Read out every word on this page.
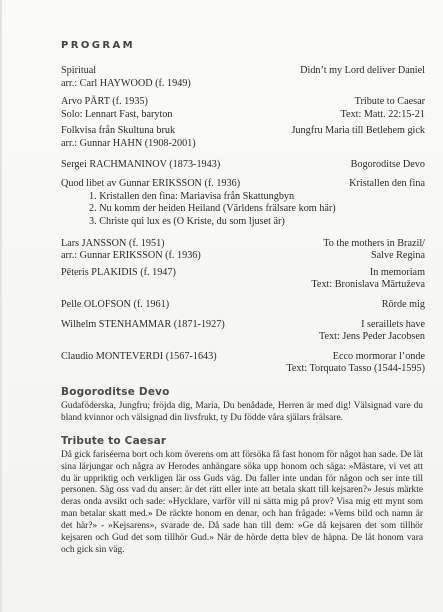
PROGRAM
Spiritual	Didn’t my Lord deliver Daniel
arr.: Carl HAYWOOD (f. 1949)
Arvo PÄRT (f. 1935)	Tribute to Caesar
Solo: Lennart Fast, baryton	Text: Matt. 22:15-21
Folkvisa från Skultuna bruk	Jungfru Maria till Betlehem gick
arr.: Gunnar HAHN (1908-2001)
Sergei RACHMANINOV (1873-1943)	Bogoroditse Devo
Quod libet av Gunnar ERIKSSON (f. 1936)	Kristallen den fina
1. Kristallen den fina: Mariavisa från Skattungbyn
2. Nu komm der heiden Heiland (Världens frälsare kom här)
3. Christe qui lux es (O Kriste, du som ljuset är)
Lars JANSSON (f. 1951)	To the mothers in Brazil/
arr.: Gunnar ERIKSSON (f. 1936)	Salve Regina
Pēteris PLAKIDIS (f. 1947)	In memoriam
Text: Bronislava Mārtuževa
Pelle OLOFSON (f. 1961)	Rörde mig
Wilhelm STENHAMMAR (1871-1927)	I seraillets have
Text: Jens Peder Jacobsen
Claudio MONTEVERDI (1567-1643)	Ecco mormorar l’onde
Text: Torquato Tasso (1544-1595)
Bogoroditse Devo

Gudaföderska, Jungfru; fröjda dig, Maria, Du benådade, Herren är med dig! Välsignad vare du bland kvinnor och välsignad din livsfrukt, ty Du födde våra själars frälsare.

Tribute to Caesar

Då gick fariséerna bort och kom överens om att försöka få fast honom för något han sade. De lät sina lärjungar och några av Herodes anhängare söka upp honom och säga: »Mästare, vi vet att du är uppriktig och verkligen lär oss Guds väg. Du faller inte undan för någon och ser inte till personen. Säg oss vad du anser: är det rätt eller inte att betala skatt till kejsaren?» Jesus märkte deras onda avsikt och sade: »Hycklare, varför vill ni sätta mig på prov? Visa mig ett mynt som man betalar skatt med.» De räckte honom en denar, och han frågade: »Vems bild och namn är det här?» - »Kejsarens», svarade de. Då sade han till dem: »Ge då kejsaren det som tillhör kejsaren och Gud det som tillhör Gud.» När de hörde detta blev de häpna. De lät honom vara och gick sin väg.
